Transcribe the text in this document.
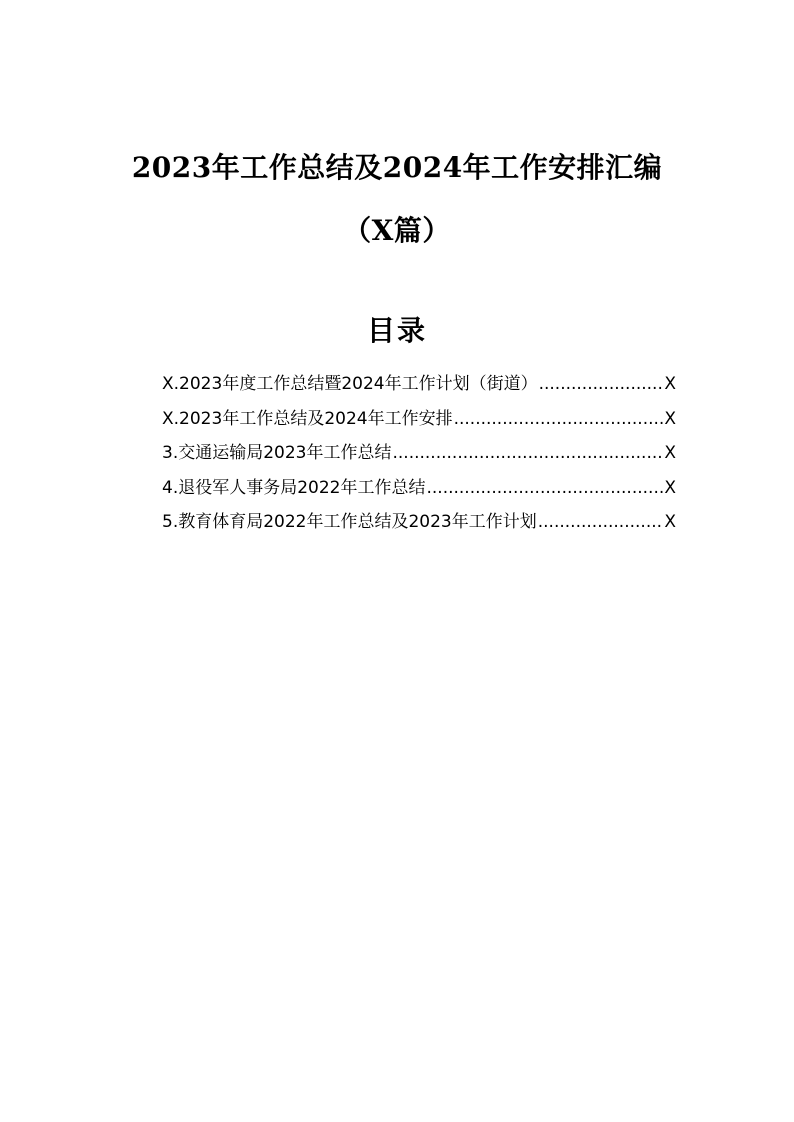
2023年工作总结及2024年工作安排汇编
（X篇）
目录
X.2023年度工作总结暨2024年工作计划（街道） .....	X
X.2023年工作总结及2024年工作安排 .....	X
3.交通运输局2023年工作总结 .....	X
4.退役军人事务局2022年工作总结 .....	X
5.教育体育局2022年工作总结及2023年工作计划 .....	X
